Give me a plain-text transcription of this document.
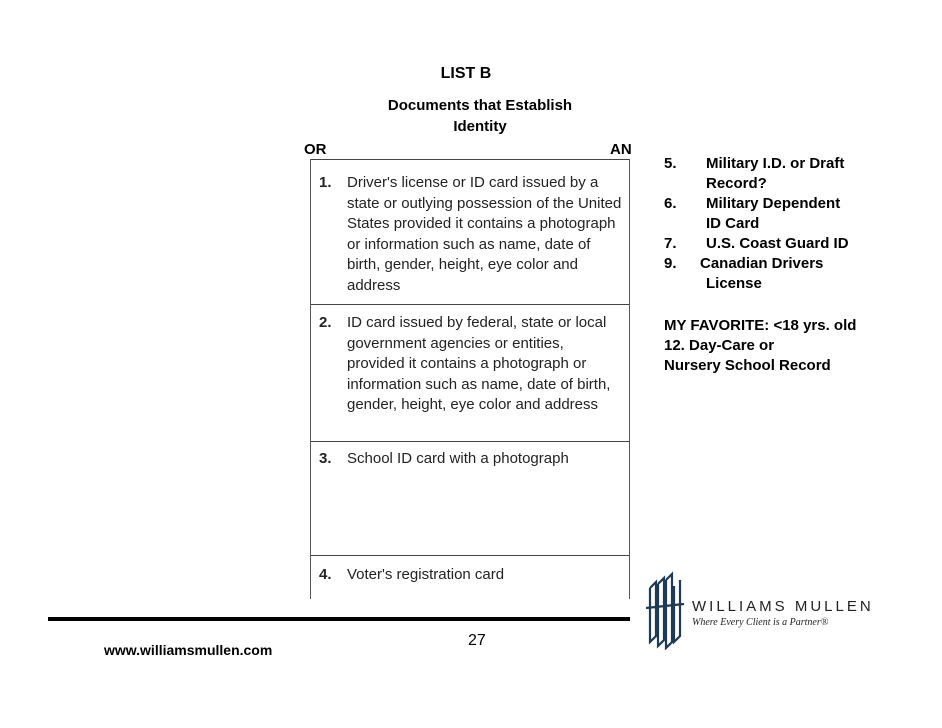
LIST B
Documents that Establish
Identity
OR	AN
1. Driver's license or ID card issued by a state or outlying possession of the United States provided it contains a photograph or information such as name, date of birth, gender, height, eye color and address
2. ID card issued by federal, state or local government agencies or entities, provided it contains a photograph or information such as name, date of birth, gender, height, eye color and address
3. School ID card with a photograph
4. Voter's registration card
5. Military I.D. or Draft
Record?
6. Military Dependent
ID Card
7. U.S. Coast Guard ID
9. Canadian Drivers
License
MY FAVORITE: <18 yrs. old
12. Day-Care or
Nursery School Record
www.williamsmullen.com
27
WILLIAMS MULLEN
Where Every Client is a Partner®
